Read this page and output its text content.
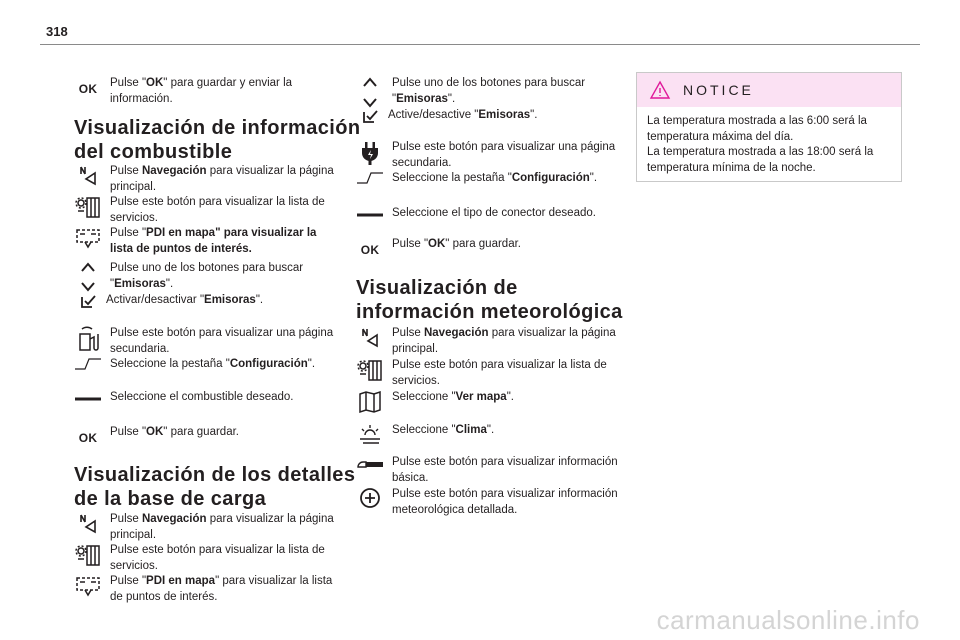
318
OK Pulse "OK" para guardar y enviar la información.
Visualización de información del combustible
Pulse Navegación para visualizar la página principal.
Pulse este botón para visualizar la lista de servicios.
Pulse "PDI en mapa" para visualizar la lista de puntos de interés.
Pulse uno de los botones para buscar "Emisoras".
Activar/desactivar "Emisoras".
Pulse este botón para visualizar una página secundaria.
Seleccione la pestaña "Configuración".
Seleccione el combustible deseado.
OK Pulse "OK" para guardar.
Visualización de los detalles de la base de carga
Pulse Navegación para visualizar la página principal.
Pulse este botón para visualizar la lista de servicios.
Pulse "PDI en mapa" para visualizar la lista de puntos de interés.
Pulse uno de los botones para buscar "Emisoras".
Active/desactive "Emisoras".
Pulse este botón para visualizar una página secundaria.
Seleccione la pestaña "Configuración".
Seleccione el tipo de conector deseado.
OK Pulse "OK" para guardar.
Visualización de información meteorológica
Pulse Navegación para visualizar la página principal.
Pulse este botón para visualizar la lista de servicios.
Seleccione "Ver mapa".
Seleccione "Clima".
Pulse este botón para visualizar información básica.
Pulse este botón para visualizar información meteorológica detallada.
NOTICE
La temperatura mostrada a las 6:00 será la temperatura máxima del día.
La temperatura mostrada a las 18:00 será la temperatura mínima de la noche.
carmanualsonline.info
